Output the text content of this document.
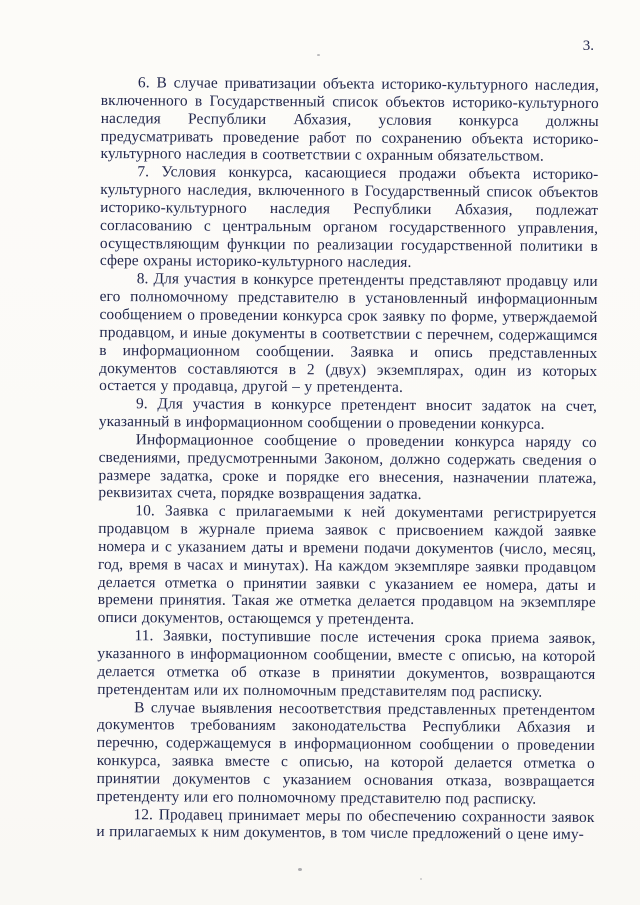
3.

6. В случае приватизации объекта историко-культурного наследия, включенного в Государственный список объектов историко-культурного наследия Республики Абхазия, условия конкурса должны предусматривать проведение работ по сохранению объекта историко-культурного наследия в соответствии с охранным обязательством.

7. Условия конкурса, касающиеся продажи объекта историко-культурного наследия, включенного в Государственный список объектов историко-культурного наследия Республики Абхазия, подлежат согласованию с центральным органом государственного управления, осуществляющим функции по реализации государственной политики в сфере охраны историко-культурного наследия.

8. Для участия в конкурсе претенденты представляют продавцу или его полномочному представителю в установленный информационным сообщением о проведении конкурса срок заявку по форме, утверждаемой продавцом, и иные документы в соответствии с перечнем, содержащимся в информационном сообщении. Заявка и опись представленных документов составляются в 2 (двух) экземплярах, один из которых остается у продавца, другой – у претендента.

9. Для участия в конкурсе претендент вносит задаток на счет, указанный в информационном сообщении о проведении конкурса.

Информационное сообщение о проведении конкурса наряду со сведениями, предусмотренными Законом, должно содержать сведения о размере задатка, сроке и порядке его внесения, назначении платежа, реквизитах счета, порядке возвращения задатка.

10. Заявка с прилагаемыми к ней документами регистрируется продавцом в журнале приема заявок с присвоением каждой заявке номера и с указанием даты и времени подачи документов (число, месяц, год, время в часах и минутах). На каждом экземпляре заявки продавцом делается отметка о принятии заявки с указанием ее номера, даты и времени принятия. Такая же отметка делается продавцом на экземпляре описи документов, остающемся у претендента.

11. Заявки, поступившие после истечения срока приема заявок, указанного в информационном сообщении, вместе с описью, на которой делается отметка об отказе в принятии документов, возвращаются претендентам или их полномочным представителям под расписку.

В случае выявления несоответствия представленных претендентом документов требованиям законодательства Республики Абхазия и перечню, содержащемуся в информационном сообщении о проведении конкурса, заявка вместе с описью, на которой делается отметка о принятии документов с указанием основания отказа, возвращается претенденту или его полномочному представителю под расписку.

12. Продавец принимает меры по обеспечению сохранности заявок и прилагаемых к ним документов, в том числе предложений о цене иму-
